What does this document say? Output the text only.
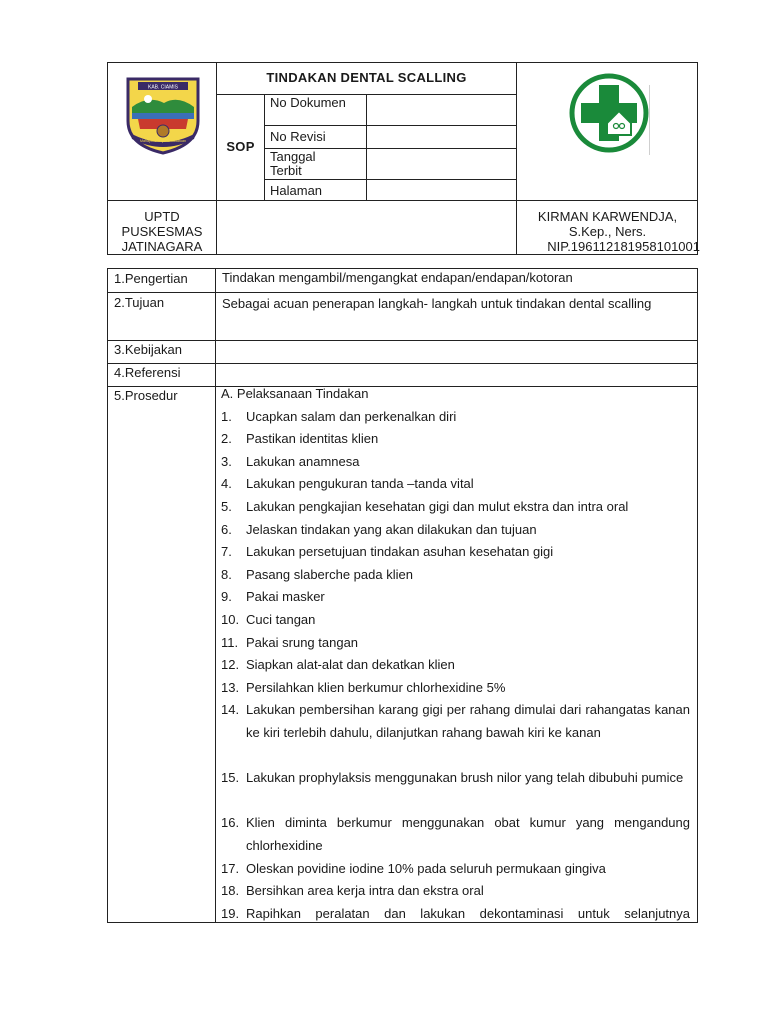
KAB. CIAMIS
Mahayunan Ayuna Kadatuan
TINDAKAN DENTAL SCALLING
SOP
No Dokumen
No Revisi
Tanggal Terbit
Halaman
UPTD PUSKESMAS JATINAGARA
KIRMAN KARWENDJA,
S.Kep., Ners.
NIP.196112181958101001
1.Pengertian	Tindakan mengambil/mengangkat endapan/endapan/kotoran
2.Tujuan	Sebagai acuan penerapan langkah- langkah untuk tindakan dental scalling
3.Kebijakan
4.Referensi
5.Prosedur	A. Pelaksanaan Tindakan
1.	Ucapkan salam dan perkenalkan diri
2.	Pastikan identitas klien
3.	Lakukan anamnesa
4.	Lakukan pengukuran tanda –tanda vital
5.	Lakukan pengkajian kesehatan gigi dan mulut ekstra dan intra oral
6.	Jelaskan tindakan yang akan dilakukan dan tujuan
7.	Lakukan persetujuan tindakan asuhan kesehatan gigi
8.	Pasang slaberche pada klien
9.	Pakai masker
10. Cuci tangan
11. Pakai srung tangan
12. Siapkan alat-alat dan dekatkan klien
13. Persilahkan klien berkumur chlorhexidine 5%
14. Lakukan pembersihan karang gigi per rahang dimulai dari rahangatas kanan ke kiri terlebih dahulu, dilanjutkan rahang bawah kiri ke kanan
15. Lakukan prophylaksis menggunakan brush nilor yang telah dibubuhi pumice
16. Klien diminta berkumur menggunakan obat kumur yang mengandung chlorhexidine
17. Oleskan povidine iodine 10% pada seluruh permukaan gingiva
18. Bersihkan area kerja intra dan ekstra oral
19. Rapihkan peralatan dan lakukan dekontaminasi untuk selanjutnya
